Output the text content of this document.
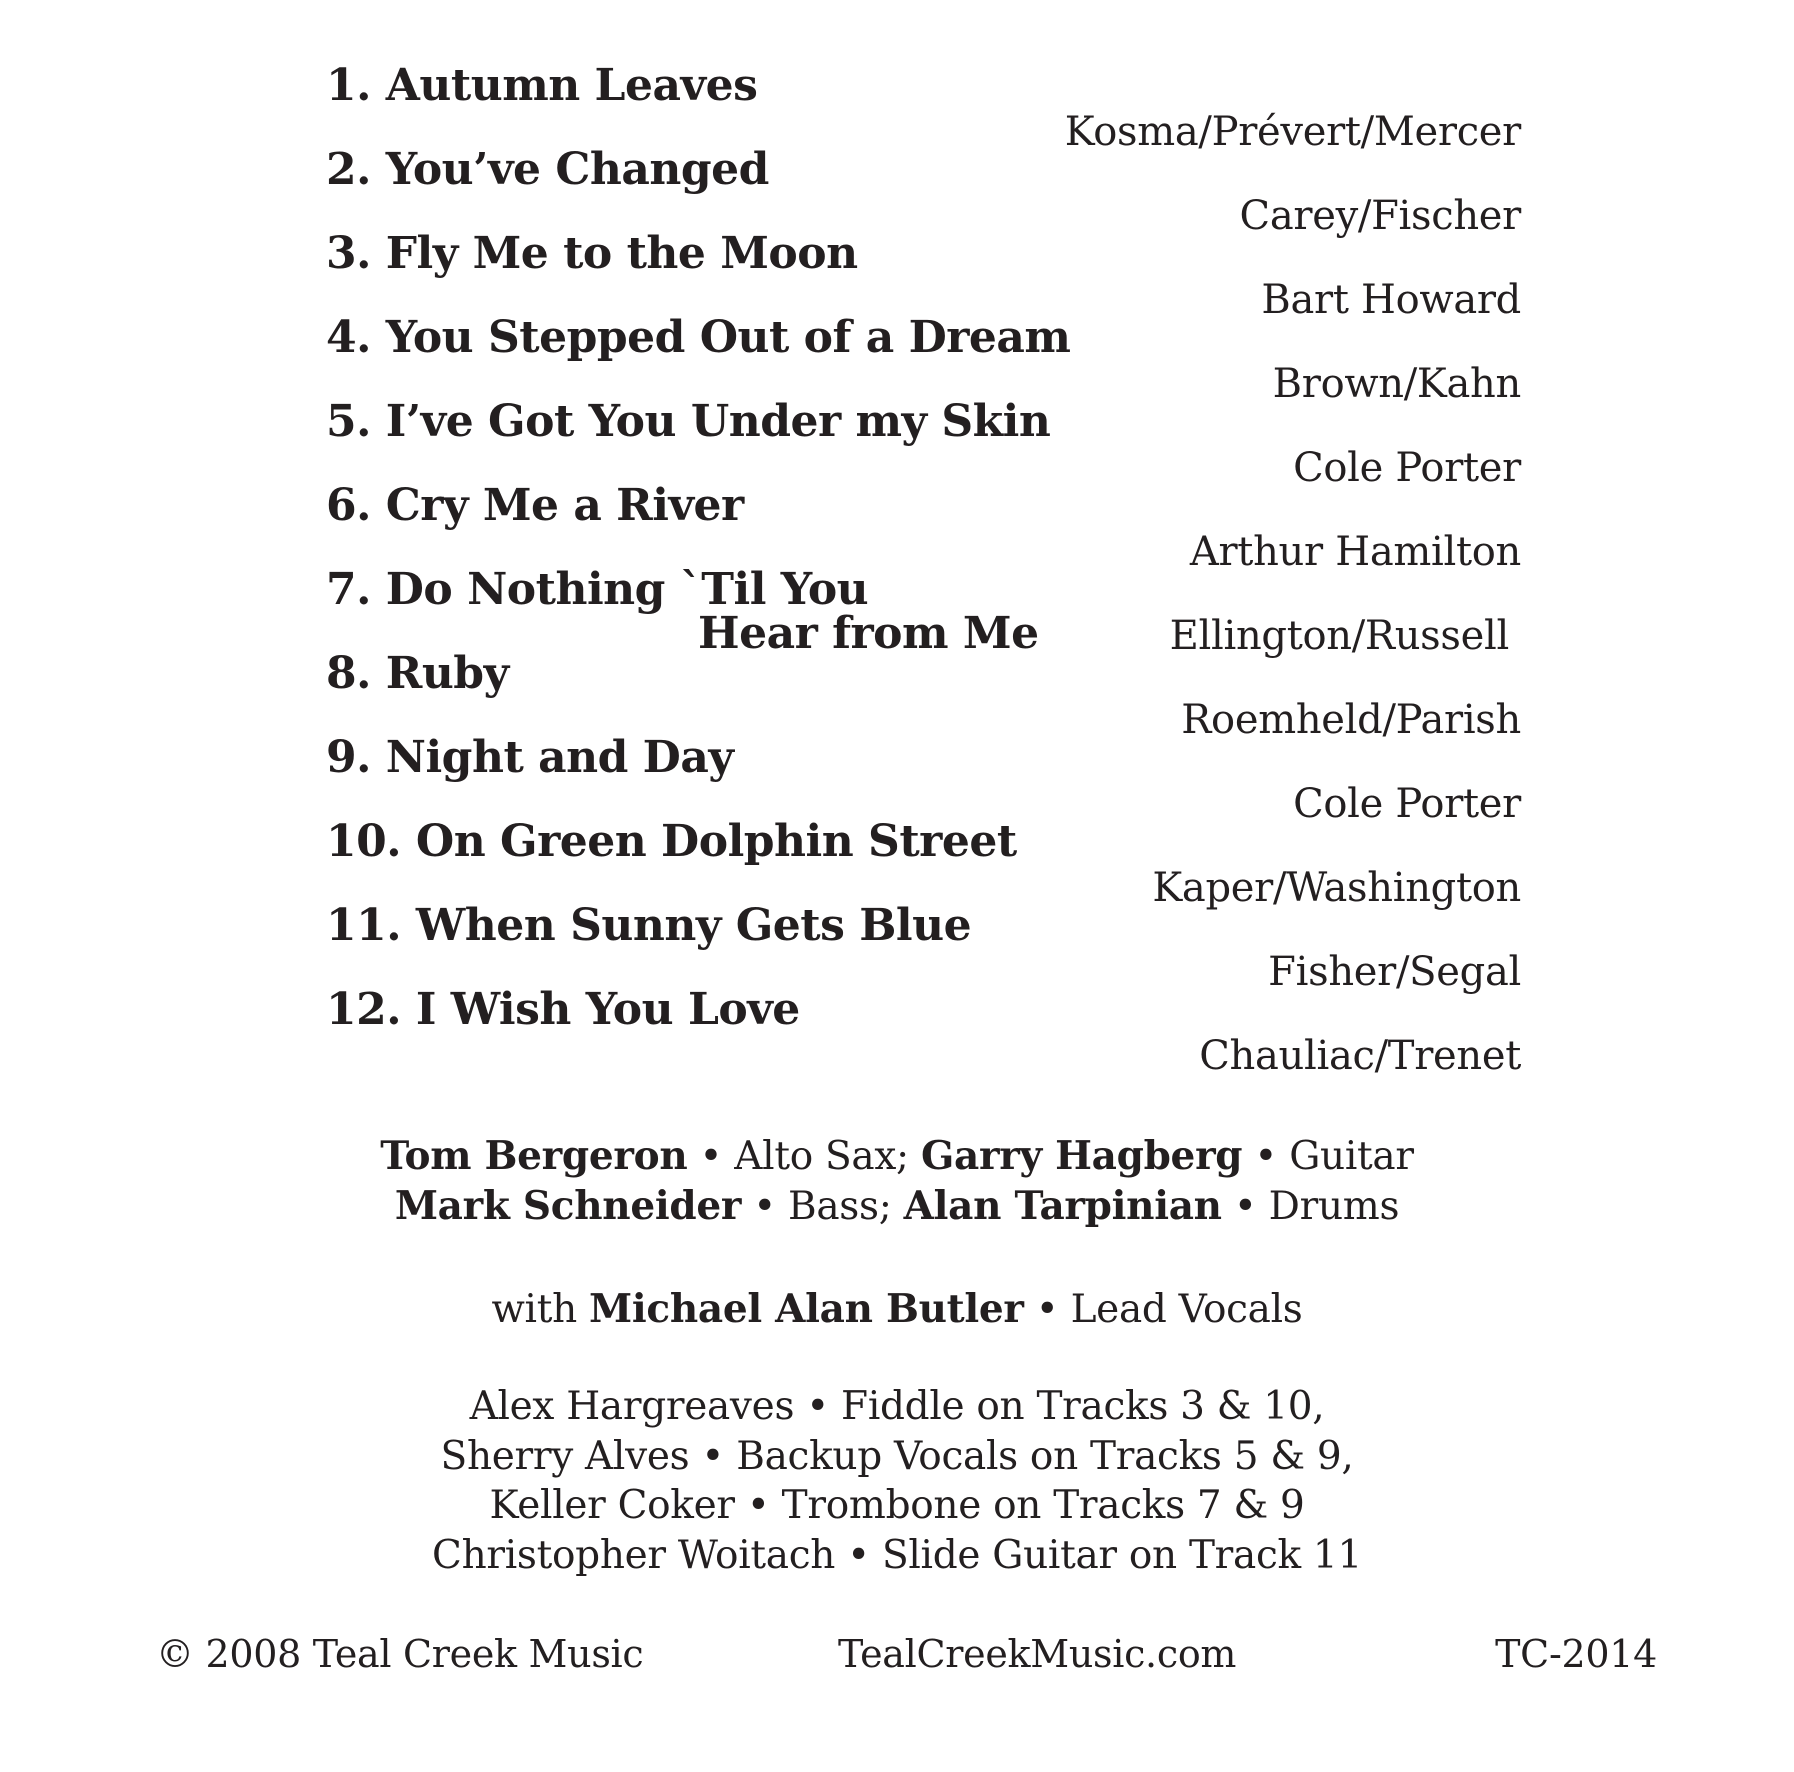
1. Autumn Leaves
2. You’ve Changed
3. Fly Me to the Moon
4. You Stepped Out of a Dream
5. I’ve Got You Under my Skin
6. Cry Me a River
7. Do Nothing `Til You
Hear from Me
8. Ruby
9. Night and Day
10. On Green Dolphin Street
11. When Sunny Gets Blue
12. I Wish You Love
Kosma/Prévert/Mercer
Carey/Fischer
Bart Howard
Brown/Kahn
Cole Porter
Arthur Hamilton
Ellington/Russell
Roemheld/Parish
Cole Porter
Kaper/Washington
Fisher/Segal
Chauliac/Trenet
Tom Bergeron • Alto Sax; Garry Hagberg • Guitar
Mark Schneider • Bass; Alan Tarpinian • Drums
with Michael Alan Butler • Lead Vocals
Alex Hargreaves • Fiddle on Tracks 3 & 10,
Sherry Alves • Backup Vocals on Tracks 5 & 9,
Keller Coker • Trombone on Tracks 7 & 9
Christopher Woitach • Slide Guitar on Track 11
© 2008 Teal Creek Music	TealCreekMusic.com	TC-2014
